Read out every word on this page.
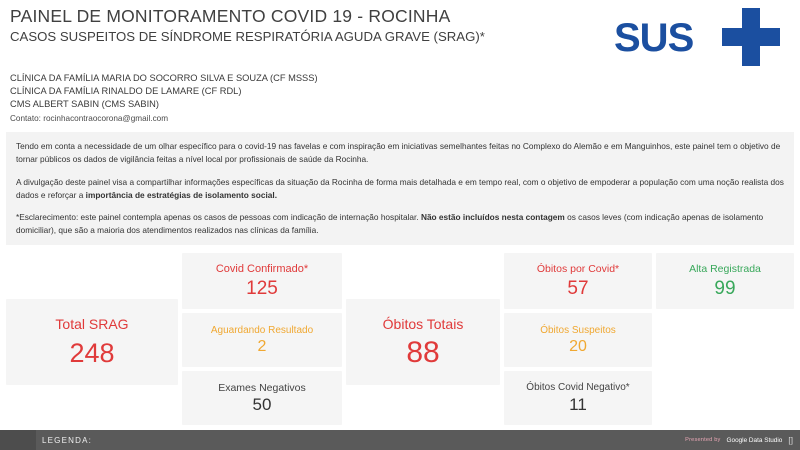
PAINEL DE MONITORAMENTO COVID 19 - ROCINHA
CASOS SUSPEITOS DE SÍNDROME RESPIRATÓRIA AGUDA GRAVE (SRAG)*	SUS
CLÍNICA DA FAMÍLIA MARIA DO SOCORRO SILVA E SOUZA (CF MSSS)
CLÍNICA DA FAMÍLIA RINALDO DE LAMARE (CF RDL)
CMS ALBERT SABIN (CMS SABIN)
Contato: rocinhacontraocorona@gmail.com

Tendo em conta a necessidade de um olhar específico para o covid-19 nas favelas e com inspiração em iniciativas semelhantes feitas no Complexo do Alemão e em Manguinhos, este painel tem o objetivo de tornar públicos os dados de vigilância feitas a nível local por profissionais de saúde da Rocinha.

A divulgação deste painel visa a compartilhar informações específicas da situação da Rocinha de forma mais detalhada e em tempo real, com o objetivo de empoderar a população com uma noção realista dos dados e reforçar a importância de estratégias de isolamento social.

*Esclarecimento: este painel contempla apenas os casos de pessoas com indicação de internação hospitalar. Não estão incluídos nesta contagem os casos leves (com indicação apenas de isolamento domiciliar), que são a maioria dos atendimentos realizados nas clínicas da família.

Total SRAG
248
Covid Confirmado*
125
Aguardando Resultado
2
Exames Negativos
50
Óbitos Totais
88
Óbitos por Covid*
57
Óbitos Suspeitos
20
Óbitos Covid Negativo*
11
Alta Registrada
99
LEGENDA:	Presented by Google Data Studio [ ]
